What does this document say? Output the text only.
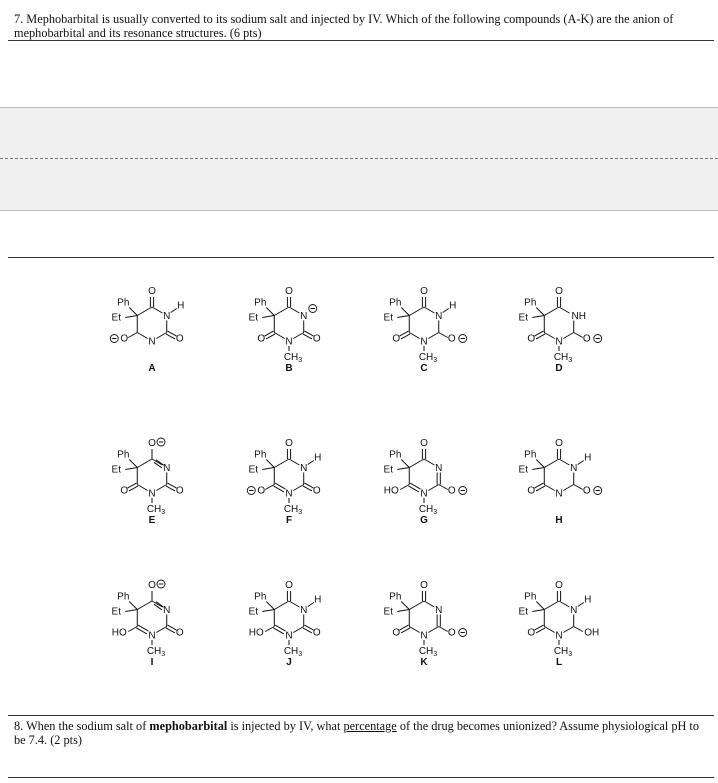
7. Mephobarbital is usually converted to its sodium salt and injected by IV. Which of the following compounds (A-K) are the anion of mephobarbital and its resonance structures. (6 pts)
O
N
H
O
N
O
Ph
Et
A
O
N
O
N
$CH_3$
O
Ph
Et
B
O
N
H
O
N
$CH_3$
O
Ph
Et
C
O
NH
O
N
$CH_3$
O
Ph
Et
D
O
N
O
N
$CH_3$
O
Ph
Et
E
O
N
H
O
N
$CH_3$
O
Ph
Et
F
O
N
O
N
$CH_3$
HO
Ph
Et
G
O
N
H
O
N
O
Ph
Et
H
O
N
O
N
$CH_3$
HO
Ph
Et
I
O
N
H
O
N
$CH_3$
HO
Ph
Et
J
O
N
O
N
$CH_3$
O
Ph
Et
K
O
N
H
OH
N
$CH_3$
O
Ph
Et
L
8. When the sodium salt of mephobarbital is injected by IV, what percentage of the drug becomes unionized? Assume physiological pH to be 7.4. (2 pts)
